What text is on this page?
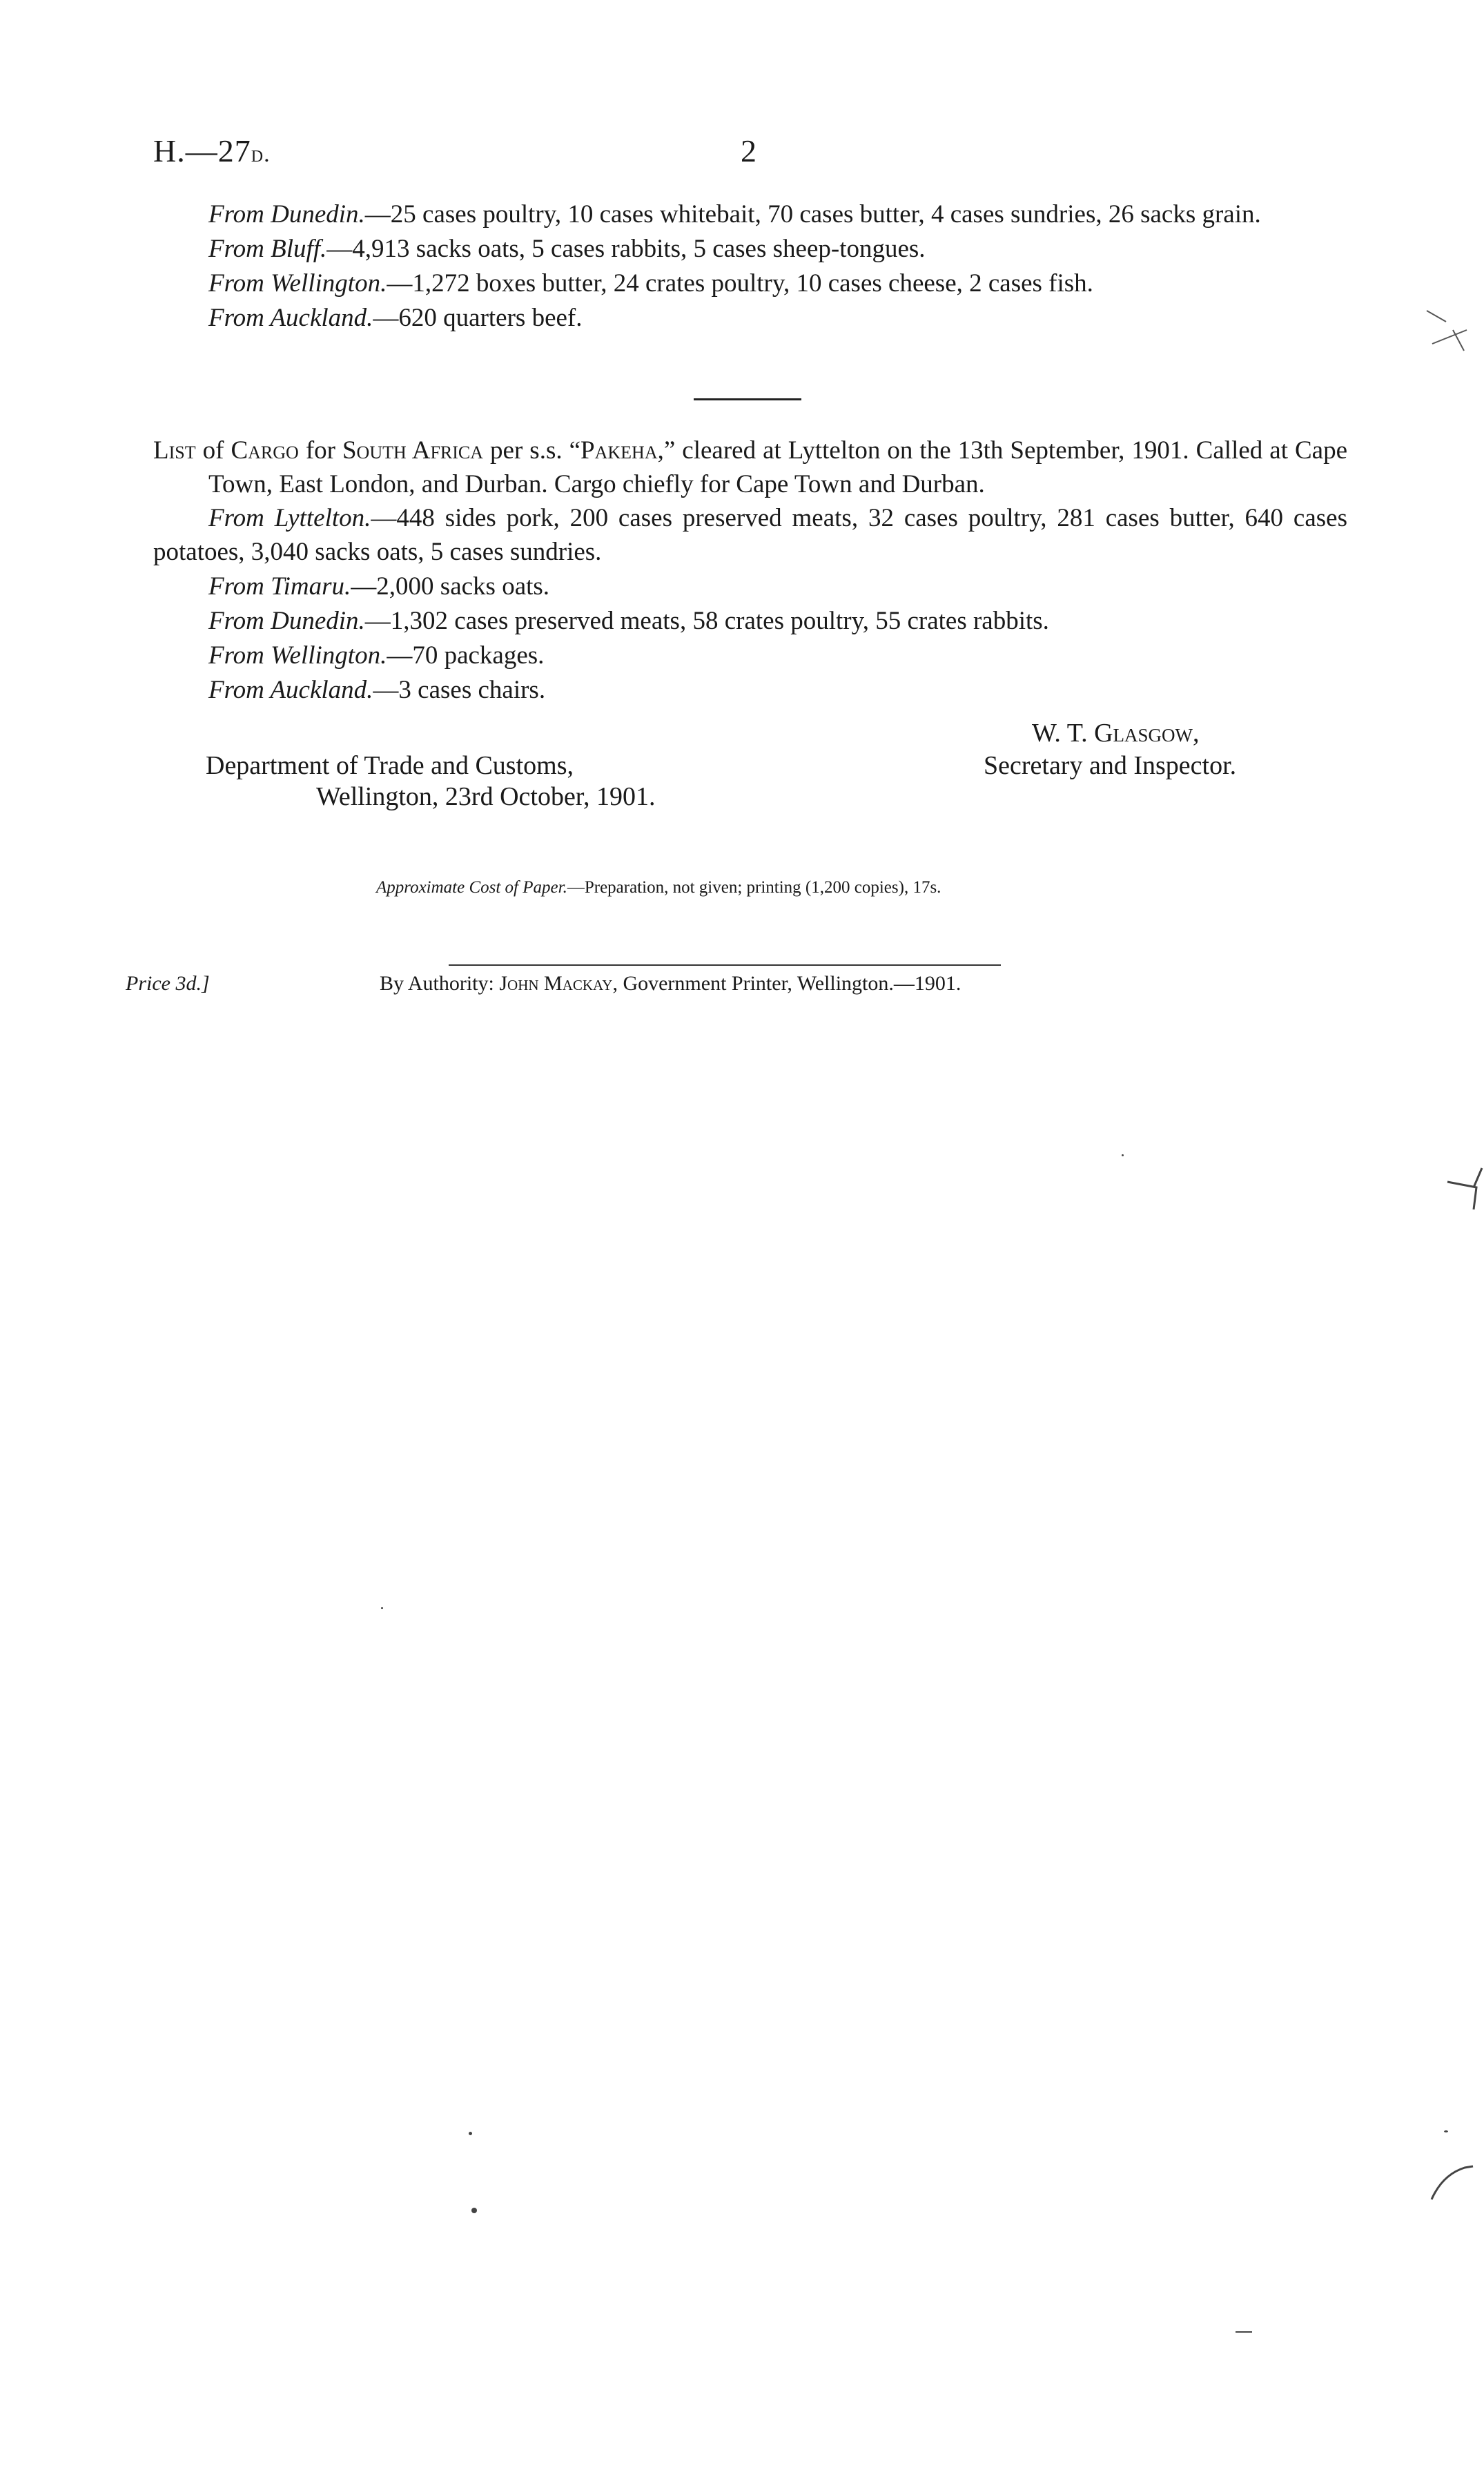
H.—27d.	2

From Dunedin.—25 cases poultry, 10 cases whitebait, 70 cases butter, 4 cases sundries, 26 sacks grain.

From Bluff.—4,913 sacks oats, 5 cases rabbits, 5 cases sheep-tongues.

From Wellington.—1,272 boxes butter, 24 crates poultry, 10 cases cheese, 2 cases fish.

From Auckland.—620 quarters beef.

List of Cargo for South Africa per s.s. “Pakeha,” cleared at Lyttelton on the 13th September, 1901. Called at Cape Town, East London, and Durban. Cargo chiefly for Cape Town and Durban.

From Lyttelton.—448 sides pork, 200 cases preserved meats, 32 cases poultry, 281 cases butter, 640 cases potatoes, 3,040 sacks oats, 5 cases sundries.

From Timaru.—2,000 sacks oats.

From Dunedin.—1,302 cases preserved meats, 58 crates poultry, 55 crates rabbits.

From Wellington.—70 packages.

From Auckland.—3 cases chairs.

W. T. Glasgow,
Secretary and Inspector.
Department of Trade and Customs,
Wellington, 23rd October, 1901.
Approximate Cost of Paper.—Preparation, not given; printing (1,200 copies), 17s.
Price 3d.]	By Authority: John Mackay, Government Printer, Wellington.—1901.
